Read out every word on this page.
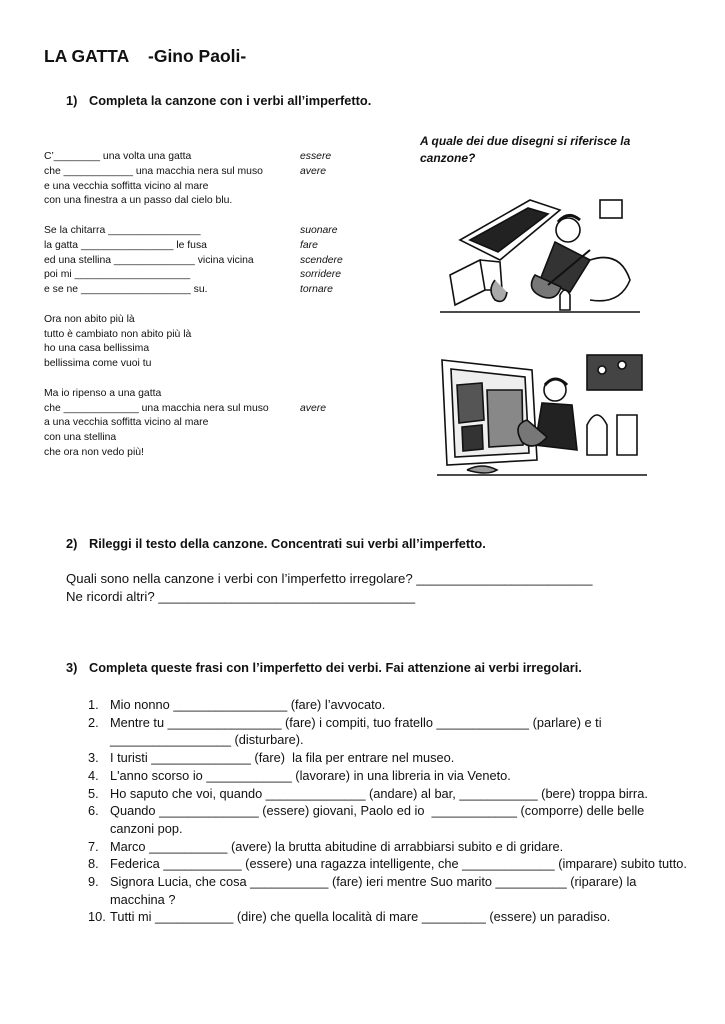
LA GATTA    -Gino Paoli-
1) Completa la canzone con i verbi all’imperfetto.
A quale dei due disegni si riferisce la canzone?
C’________ una volta una gatta
che ____________ una macchia nera sul muso
e una vecchia soffitta vicino al mare
con una finestra a un passo dal cielo blu.
Se la chitarra ________________
la gatta ________________ le fusa
ed una stellina ______________ vicina vicina
poi mi ____________________
e se ne ___________________ su.
Ora non abito più là
tutto è cambiato non abito più là
ho una casa bellissima
bellissima come vuoi tu
Ma io ripenso a una gatta
che _____________ una macchia nera sul muso
a una vecchia soffitta vicino al mare
con una stellina
che ora non vedo più!
essere
avere
suonare
fare
scendere
sorridere
tornare
avere
2) Rileggi il testo della canzone. Concentrati sui verbi all’imperfetto.
Quali sono nella canzone i verbi con l’imperfetto irregolare? ________________________
Ne ricordi altri? ___________________________________
3) Completa queste frasi con l’imperfetto dei verbi. Fai attenzione ai verbi irregolari.
1. Mio nonno ________________ (fare) l’avvocato.
2. Mentre tu ________________ (fare) i compiti, tuo fratello _____________ (parlare) e ti _________________ (disturbare).
3. I turisti ______________ (fare)  la fila per entrare nel museo.
4. L'anno scorso io ____________ (lavorare) in una libreria in via Veneto.
5. Ho saputo che voi, quando ______________ (andare) al bar, ___________ (bere) troppa birra.
6. Quando ______________ (essere) giovani, Paolo ed io  ____________ (comporre) delle belle canzoni pop.
7. Marco ___________ (avere) la brutta abitudine di arrabbiarsi subito e di gridare.
8. Federica ___________ (essere) una ragazza intelligente, che _____________ (imparare) subito tutto.
9. Signora Lucia, che cosa ___________ (fare) ieri mentre Suo marito __________ (riparare) la macchina ?
10. Tutti mi ___________ (dire) che quella località di mare _________ (essere) un paradiso.
